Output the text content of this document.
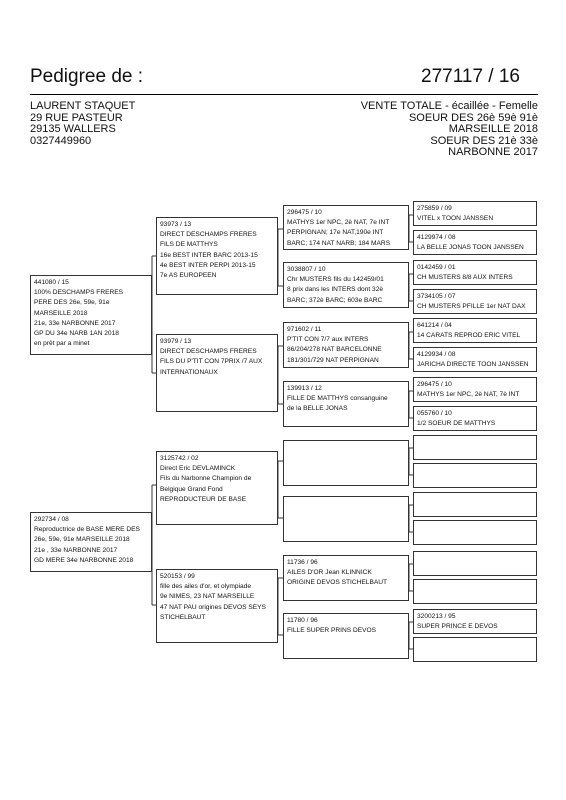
Pedigree de :	277117 / 16
LAURENT STAQUET
29 RUE PASTEUR
29135 WALLERS
0327449960
VENTE TOTALE - écaillée - Femelle
SOEUR DES 26è 59è 91è
MARSEILLE 2018
SOEUR DES 21è 33è
NARBONNE 2017
441080 / 15
100% DESCHAMPS FRERES
PERE DES 26e, 59e, 91e
MARSEILLE 2018
21e, 33e NARBONNE 2017
GP DU 34e NARB 1AN 2018
en prêt par a minet
292734 / 08
Reproductrice de BASE MERE DES
26e, 59e, 91e MARSEILLE 2018
21e , 33e NARBONNE 2017
GD MERE 34e NARBONNE 2018
93973 / 13
DIRECT DESCHAMPS FRERES
FILS DE MATTHYS
16e BEST INTER BARC 2013-15
4e BEST INTER PERPI 2013-15
7e AS EUROPEEN
93979 / 13
DIRECT DESCHAMPS FRERES
FILS DU P'TIT CON 7PRIX /7 AUX
INTERNATIONAUX
3125742 / 02
Direct Eric DEVLAMINCK
Fils du Narbonne Champion de
Belgique Grand Fond
REPRODUCTEUR DE BASE
520153 / 99
fille des ailes d'or, et olympiade
9e NIMES, 23 NAT MARSEILLE
47 NAT PAU origines DEVOS SEYS
STICHELBAUT
296475 / 10
MATHYS 1er NPC, 2è NAT, 7e INT
PERPIGNAN; 17e NAT,190e INT
BARC; 174 NAT NARB; 184 MARS
3038807 / 10
Chr MUSTERS fils du 142459/01
8 prix dans les INTERS dont 32è
BARC; 372è BARC; 603e BARC
971602 / 11
P'TIT CON 7/7 aux INTERS
86/204/278 NAT BARCELONNE
181/301/729 NAT PERPIGNAN
139913 / 12
FILLE DE MATTHYS consanguine
de la BELLE JONAS
11736 / 96
AILES D'OR Jean KLINNICK
ORIGINE DEVOS STICHELBAUT
11780 / 96
FILLE SUPER PRINS DEVOS
275859 / 09
VITEL x TOON JANSSEN
4129974 / 08
LA BELLE JONAS TOON JANSSEN
0142459 / 01
CH MUSTERS 8/8 AUX INTERS
3734105 / 07
CH MUSTERS PFILLE 1er NAT DAX
641214 / 04
14 CARATS REPROD ERIC VITEL
4129934 / 08
JARICHA DIRECTE TOON JANSSEN
296475 / 10
MATHYS 1er NPC, 2è NAT, 7è INT
055760 / 10
1/2 SOEUR DE MATTHYS
3200213 / 95
SUPER PRINCE E DEVOS
